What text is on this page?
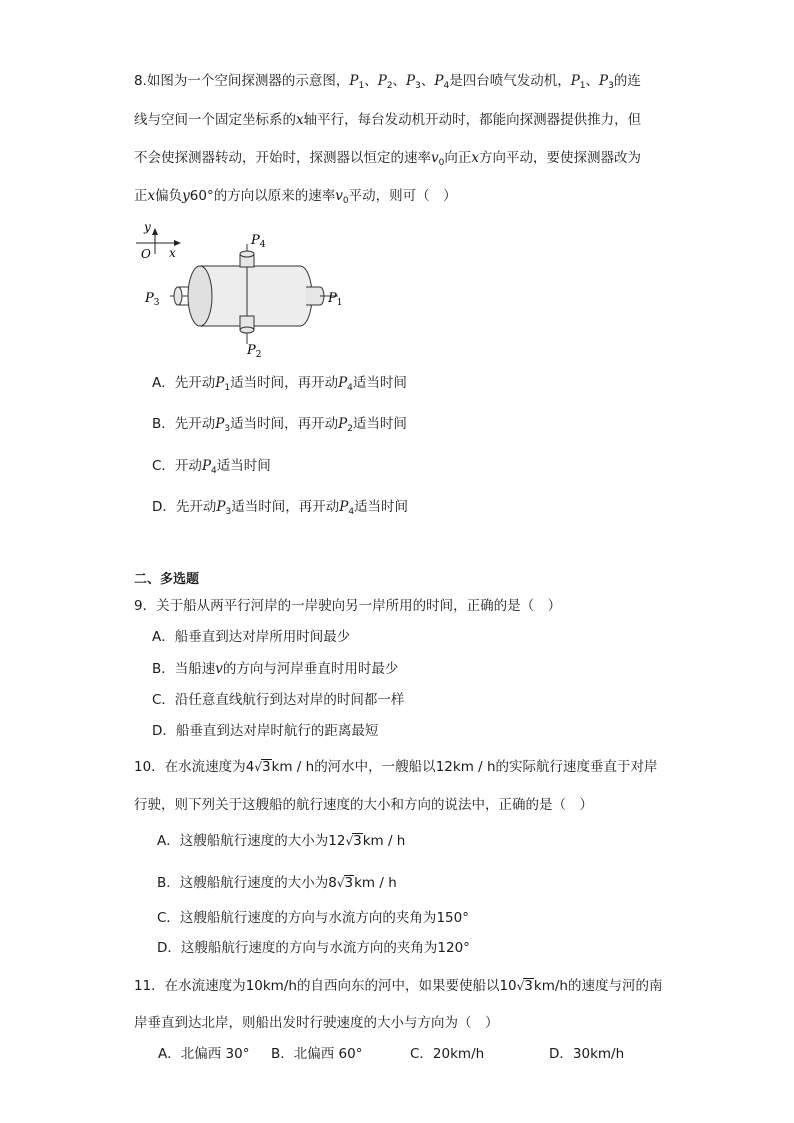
8.如图为一个空间探测器的示意图，$P_1$、$P_2$、$P_3$、$P_4$是四台喷气发动机，$P_1$、$P_3$的连
线与空间一个固定坐标系的x轴平行，每台发动机开动时，都能向探测器提供推力，但
不会使探测器转动，开始时，探测器以恒定的速率$v_0$向正x方向平动，要使探测器改为
正x偏负y60°的方向以原来的速率$v_0$平动，则可（　）
y
O x
$P_4$
$P_3$	$P_1$
$P_2$
A．先开动$P_1$适当时间，再开动$P_4$适当时间
B．先开动$P_3$适当时间，再开动$P_2$适当时间
C．开动$P_4$适当时间
D．先开动$P_3$适当时间，再开动$P_4$适当时间
二、多选题
9．关于船从两平行河岸的一岸驶向另一岸所用的时间，正确的是（　）
A．船垂直到达对岸所用时间最少
B．当船速v的方向与河岸垂直时用时最少
C．沿任意直线航行到达对岸的时间都一样
D．船垂直到达对岸时航行的距离最短
10．在水流速度为4√3km / h的河水中，一艘船以12km / h的实际航行速度垂直于对岸
行驶，则下列关于这艘船的航行速度的大小和方向的说法中，正确的是（　）
A．这艘船航行速度的大小为12√3km / h
B．这艘船航行速度的大小为8√3km / h
C．这艘船航行速度的方向与水流方向的夹角为150°
D．这艘船航行速度的方向与水流方向的夹角为120°
11．在水流速度为10km/h的自西向东的河中，如果要使船以10√3km/h的速度与河的南
岸垂直到达北岸，则船出发时行驶速度的大小与方向为（　）
A．北偏西 30° B．北偏西 60°	C．20km/h	D．30km/h
